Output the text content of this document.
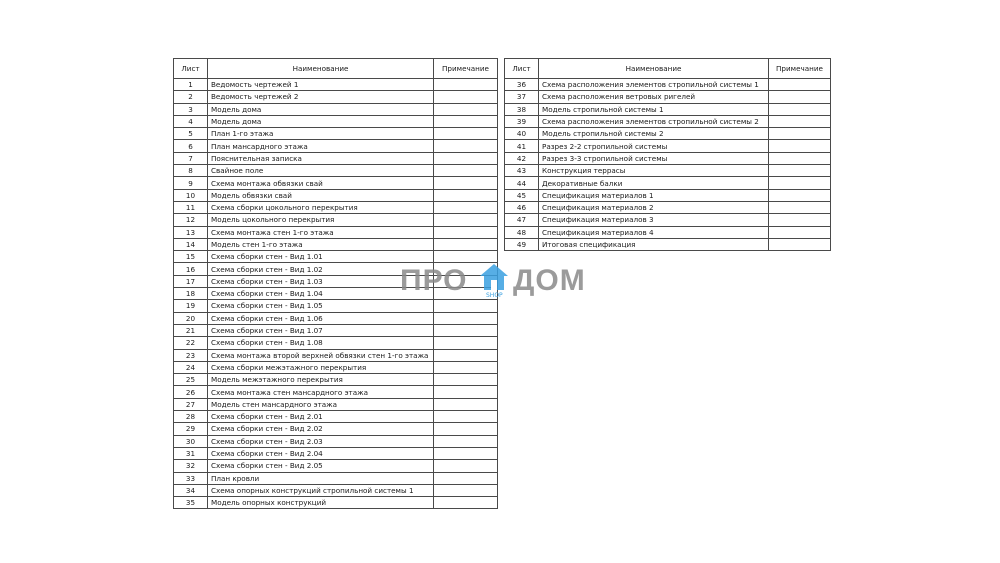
Лист	Наименование	Примечание
1	Ведомость чертежей 1	
2	Ведомость чертежей 2	
3	Модель дома	
4	Модель дома	
5	План 1-го этажа	
6	План мансардного этажа	
7	Пояснительная записка	
8	Свайное поле	
9	Схема монтажа обвязки свай	
10	Модель обвязки свай	
11	Схема сборки цокольного перекрытия	
12	Модель цокольного перекрытия	
13	Схема монтажа стен 1-го этажа	
14	Модель стен 1-го этажа	
15	Схема сборки стен - Вид 1.01	
16	Схема сборки стен - Вид 1.02	
17	Схема сборки стен - Вид 1.03	
18	Схема сборки стен - Вид 1.04	
19	Схема сборки стен - Вид 1.05	
20	Схема сборки стен - Вид 1.06	
21	Схема сборки стен - Вид 1.07	
22	Схема сборки стен - Вид 1.08	
23	Схема монтажа второй верхней обвязки стен 1-го этажа	
24	Схема сборки межэтажного перекрытия	
25	Модель межэтажного перекрытия	
26	Схема монтажа стен мансардного этажа	
27	Модель стен мансардного этажа	
28	Схема сборки стен - Вид 2.01	
29	Схема сборки стен - Вид 2.02	
30	Схема сборки стен - Вид 2.03	
31	Схема сборки стен - Вид 2.04	
32	Схема сборки стен - Вид 2.05	
33	План кровли	
34	Схема опорных конструкций стропильной системы 1	
35	Модель опорных конструкций	
Лист	Наименование	Примечание
36	Схема расположения элементов стропильной системы 1	
37	Схема расположения ветровых ригелей	
38	Модель стропильной системы 1	
39	Схема расположения элементов стропильной системы 2	
40	Модель стропильной системы 2	
41	Разрез 2-2 стропильной системы	
42	Разрез 3-3 стропильной системы	
43	Конструкция террасы	
44	Декоративные балки	
45	Спецификация материалов 1	
46	Спецификация материалов 2	
47	Спецификация материалов 3	
48	Спецификация материалов 4	
49	Итоговая спецификация	
ПРО	SHOP ДОМ
